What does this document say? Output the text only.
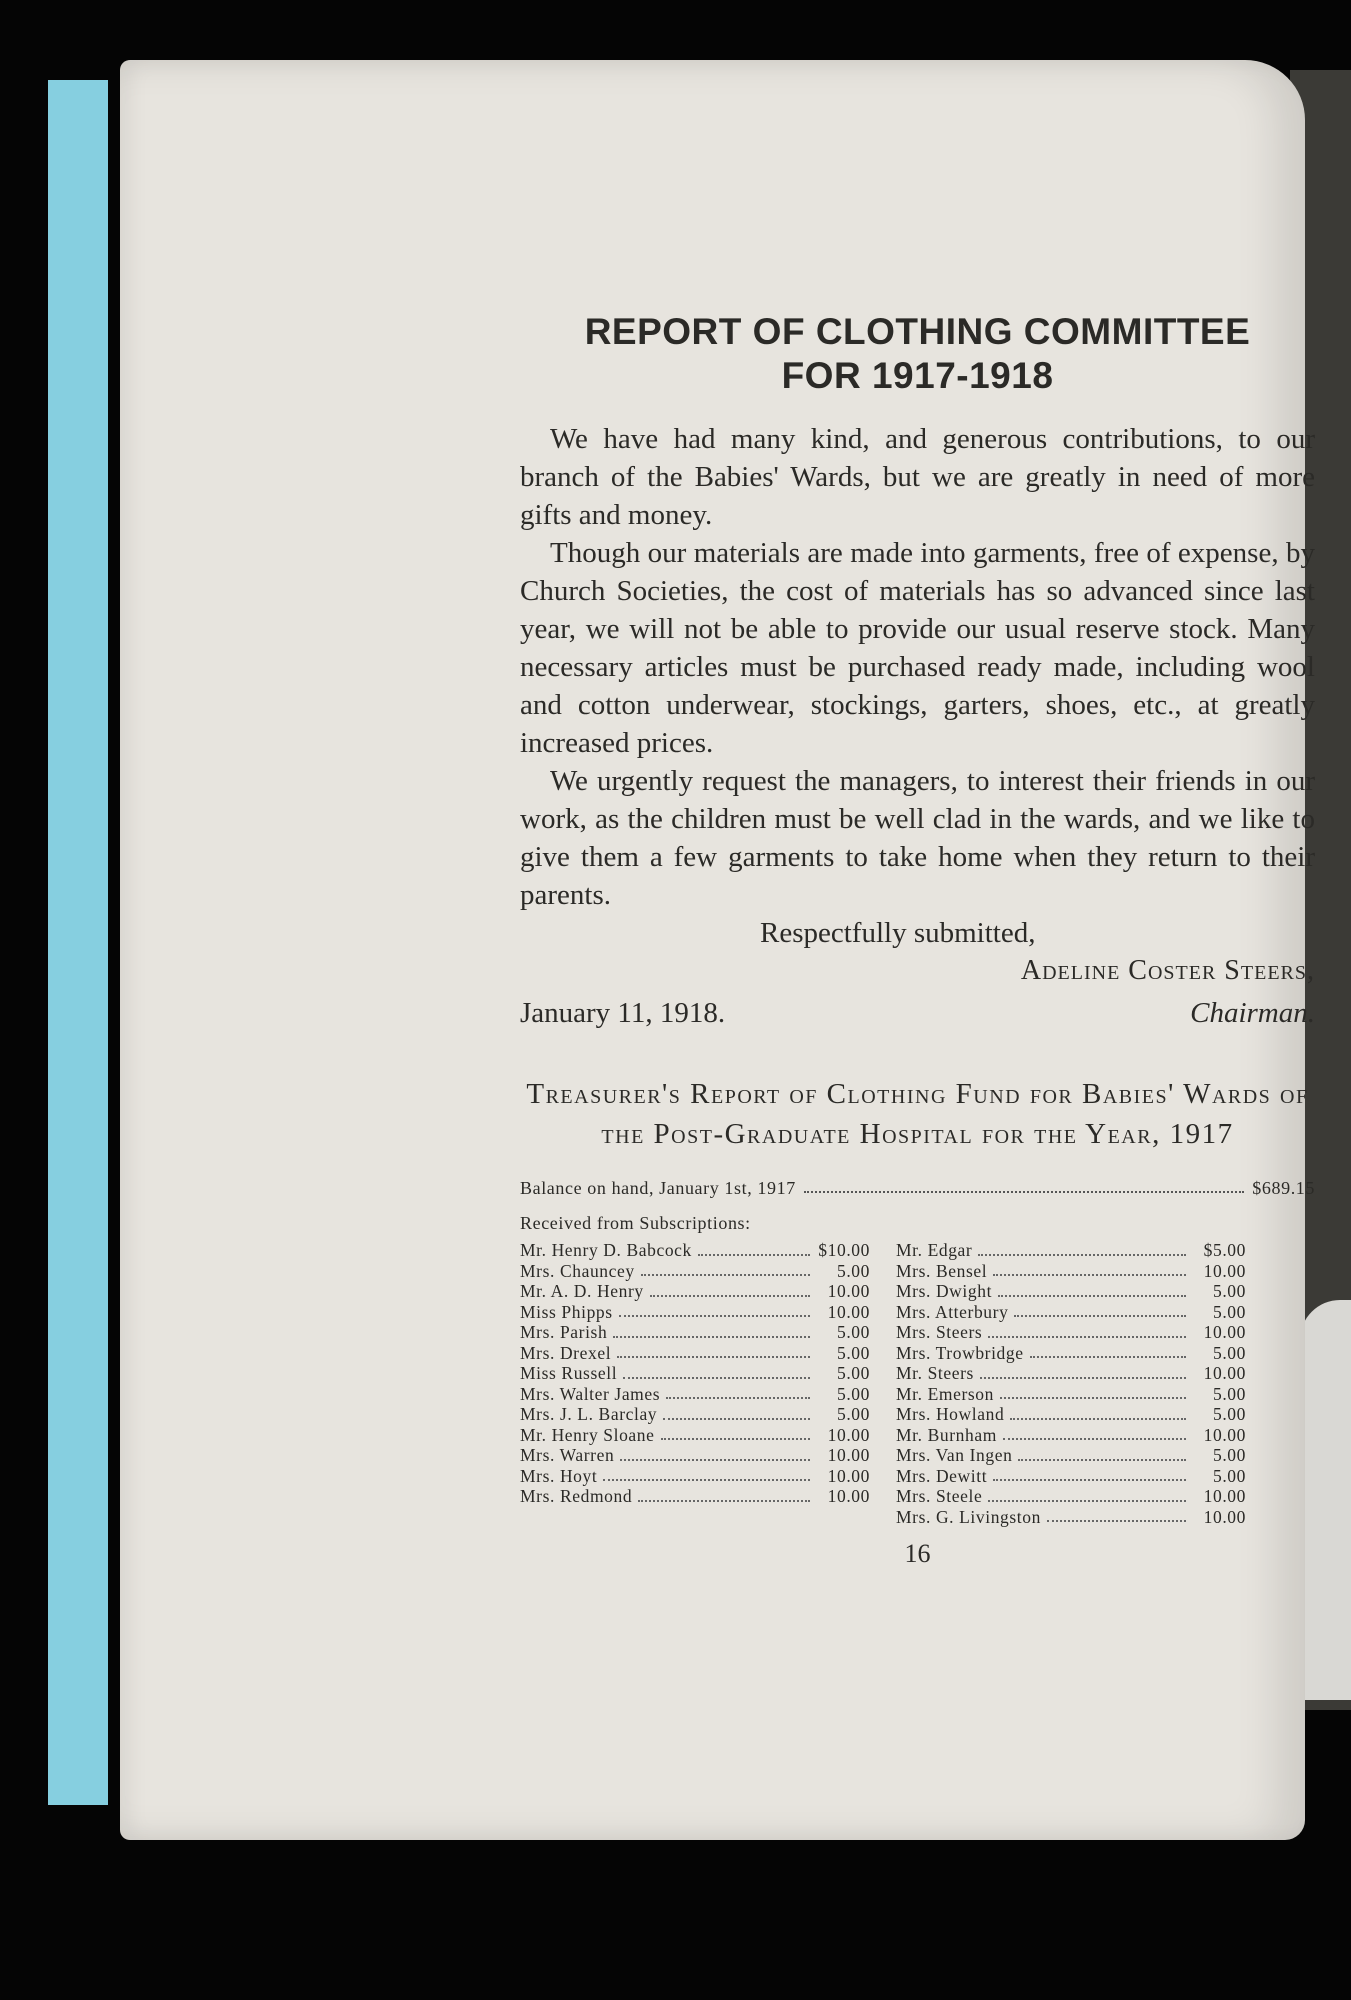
REPORT OF CLOTHING COMMITTEE
FOR 1917-1918

We have had many kind, and generous contributions, to our branch of the Babies' Wards, but we are greatly in need of more gifts and money.

Though our materials are made into garments, free of expense, by Church Societies, the cost of materials has so advanced since last year, we will not be able to provide our usual reserve stock. Many necessary articles must be purchased ready made, including wool and cotton underwear, stockings, garters, shoes, etc., at greatly increased prices.

We urgently request the managers, to interest their friends in our work, as the children must be well clad in the wards, and we like to give them a few garments to take home when they return to their parents.

Respectfully submitted,

Adeline Coster Steers,

January 11, 1918.	Chairman.
Treasurer's Report of Clothing Fund for Babies' Wards of the Post-Graduate Hospital for the Year, 1917
Balance on hand, January 1st, 1917	$689.15
Received from Subscriptions:
Mr. Henry D. Babcock	$10.00
Mrs. Chauncey	5.00
Mr. A. D. Henry	10.00
Miss Phipps	10.00
Mrs. Parish	5.00
Mrs. Drexel	5.00
Miss Russell	5.00
Mrs. Walter James	5.00
Mrs. J. L. Barclay	5.00
Mr. Henry Sloane	10.00
Mrs. Warren	10.00
Mrs. Hoyt	10.00
Mrs. Redmond	10.00
Mr. Edgar	$5.00
Mrs. Bensel	10.00
Mrs. Dwight	5.00
Mrs. Atterbury	5.00
Mrs. Steers	10.00
Mrs. Trowbridge	5.00
Mr. Steers	10.00
Mr. Emerson	5.00
Mrs. Howland	5.00
Mr. Burnham	10.00
Mrs. Van Ingen	5.00
Mrs. Dewitt	5.00
Mrs. Steele	10.00
Mrs. G. Livingston	10.00
16
